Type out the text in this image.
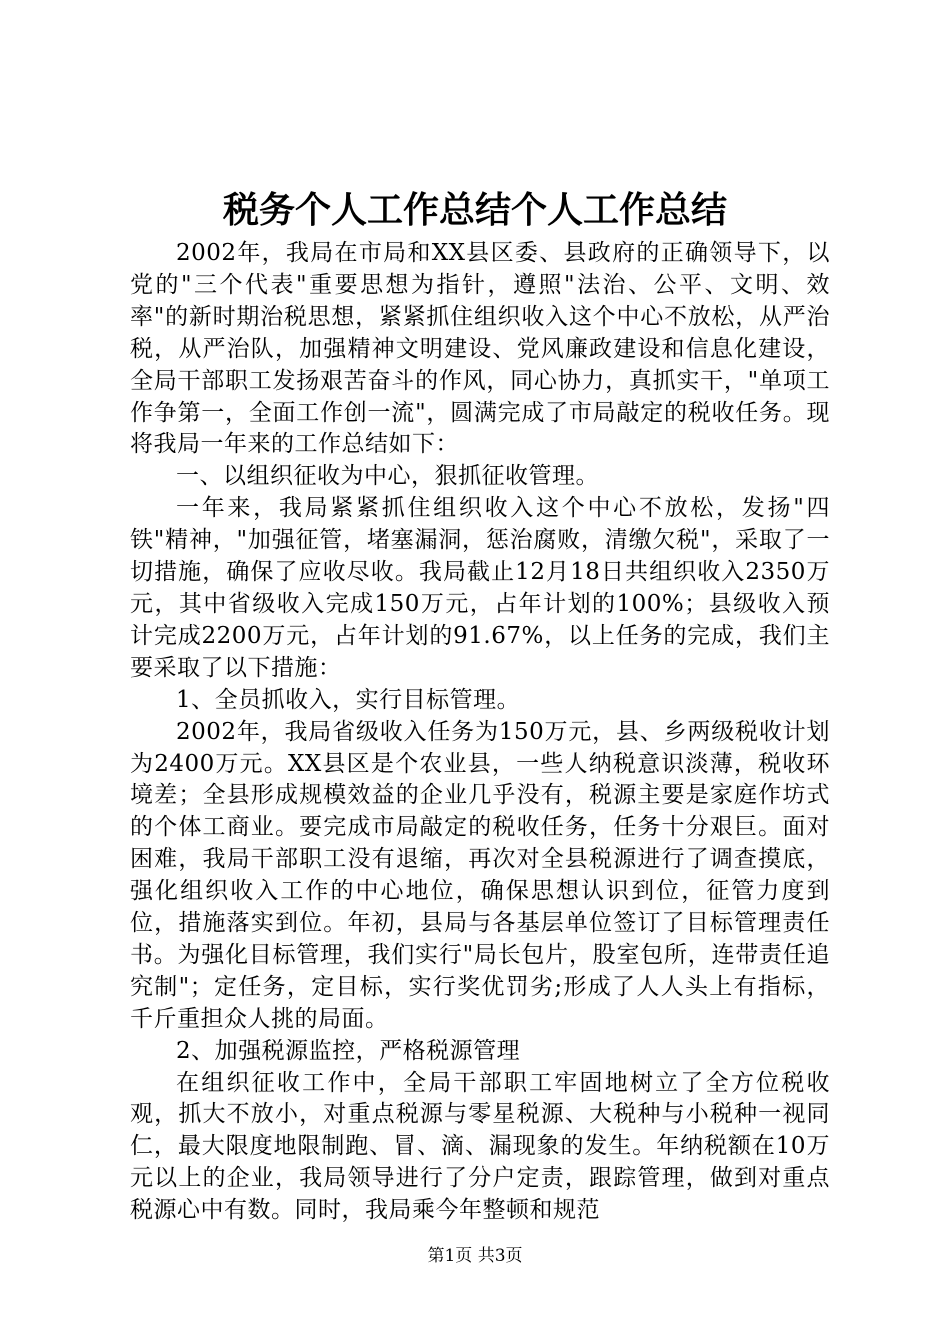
税务个人工作总结个人工作总结

2002年，我局在市局和XX县区委、县政府的正确领导下，以党的"三个代表"重要思想为指针，遵照"法治、公平、文明、效率"的新时期治税思想，紧紧抓住组织收入这个中心不放松，从严治税，从严治队，加强精神文明建设、党风廉政建设和信息化建设，全局干部职工发扬艰苦奋斗的作风，同心协力，真抓实干，"单项工作争第一，全面工作创一流"，圆满完成了市局敲定的税收任务。现将我局一年来的工作总结如下：

一、以组织征收为中心，狠抓征收管理。

一年来，我局紧紧抓住组织收入这个中心不放松，发扬"四铁"精神，"加强征管，堵塞漏洞，惩治腐败，清缴欠税"，采取了一切措施，确保了应收尽收。我局截止12月18日共组织收入2350万元，其中省级收入完成150万元，占年计划的100%；县级收入预计完成2200万元，占年计划的91.67%，以上任务的完成，我们主要采取了以下措施：

1、全员抓收入，实行目标管理。

2002年，我局省级收入任务为150万元，县、乡两级税收计划为2400万元。XX县区是个农业县，一些人纳税意识淡薄，税收环境差；全县形成规模效益的企业几乎没有，税源主要是家庭作坊式的个体工商业。要完成市局敲定的税收任务，任务十分艰巨。面对困难，我局干部职工没有退缩，再次对全县税源进行了调查摸底，强化组织收入工作的中心地位，确保思想认识到位，征管力度到位，措施落实到位。年初，县局与各基层单位签订了目标管理责任书。为强化目标管理，我们实行"局长包片，股室包所，连带责任追究制"；定任务，定目标，实行奖优罚劣;形成了人人头上有指标，千斤重担众人挑的局面。

2、加强税源监控，严格税源管理

在组织征收工作中，全局干部职工牢固地树立了全方位税收观，抓大不放小，对重点税源与零星税源、大税种与小税种一视同仁，最大限度地限制跑、冒、滴、漏现象的发生。年纳税额在10万元以上的企业，我局领导进行了分户定责，跟踪管理，做到对重点税源心中有数。同时，我局乘今年整顿和规范

第1页 共3页
